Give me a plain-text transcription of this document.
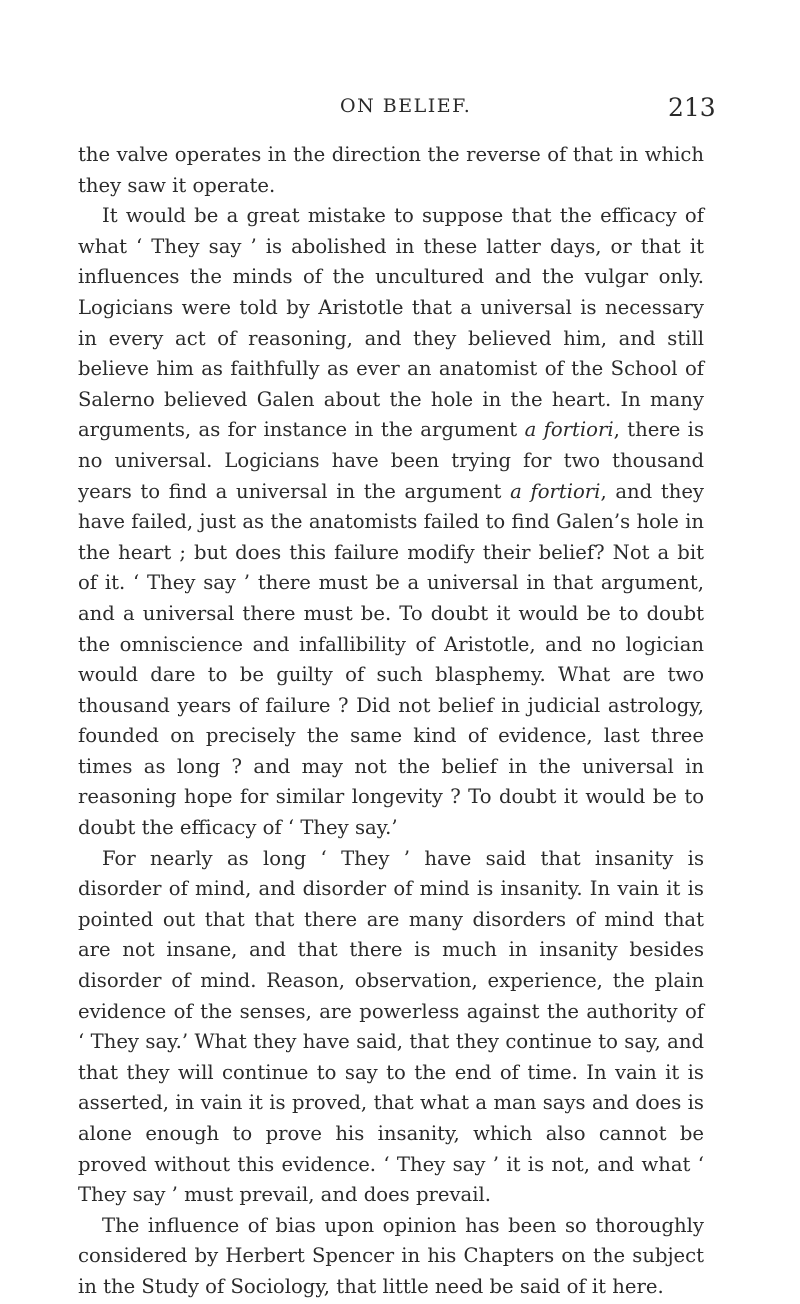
ON BELIEF.	213

the valve operates in the direction the reverse of that in which they saw it operate.

It would be a great mistake to suppose that the efficacy of what ‘ They say ’ is abolished in these latter days, or that it influences the minds of the uncultured and the vulgar only. Logicians were told by Aristotle that a universal is necessary in every act of reasoning, and they believed him, and still believe him as faithfully as ever an anatomist of the School of Salerno believed Galen about the hole in the heart. In many arguments, as for instance in the argument a fortiori, there is no universal. Logicians have been trying for two thousand years to find a universal in the argument a fortiori, and they have failed, just as the anatomists failed to find Galen’s hole in the heart ; but does this failure modify their belief? Not a bit of it. ‘ They say ’ there must be a universal in that argument, and a universal there must be. To doubt it would be to doubt the omniscience and infallibility of Aristotle, and no logician would dare to be guilty of such blasphemy. What are two thousand years of failure ? Did not belief in judicial astrology, founded on precisely the same kind of evidence, last three times as long ? and may not the belief in the universal in reasoning hope for similar longevity ? To doubt it would be to doubt the efficacy of ‘ They say.’

For nearly as long ‘ They ’ have said that insanity is disorder of mind, and disorder of mind is insanity. In vain it is pointed out that that there are many disorders of mind that are not insane, and that there is much in insanity besides disorder of mind. Reason, observation, experience, the plain evidence of the senses, are powerless against the authority of ‘ They say.’ What they have said, that they continue to say, and that they will continue to say to the end of time. In vain it is asserted, in vain it is proved, that what a man says and does is alone enough to prove his insanity, which also cannot be proved without this evidence. ‘ They say ’ it is not, and what ‘ They say ’ must prevail, and does prevail.

The influence of bias upon opinion has been so thoroughly considered by Herbert Spencer in his Chapters on the subject in the Study of Sociology, that little need be said of it here.
